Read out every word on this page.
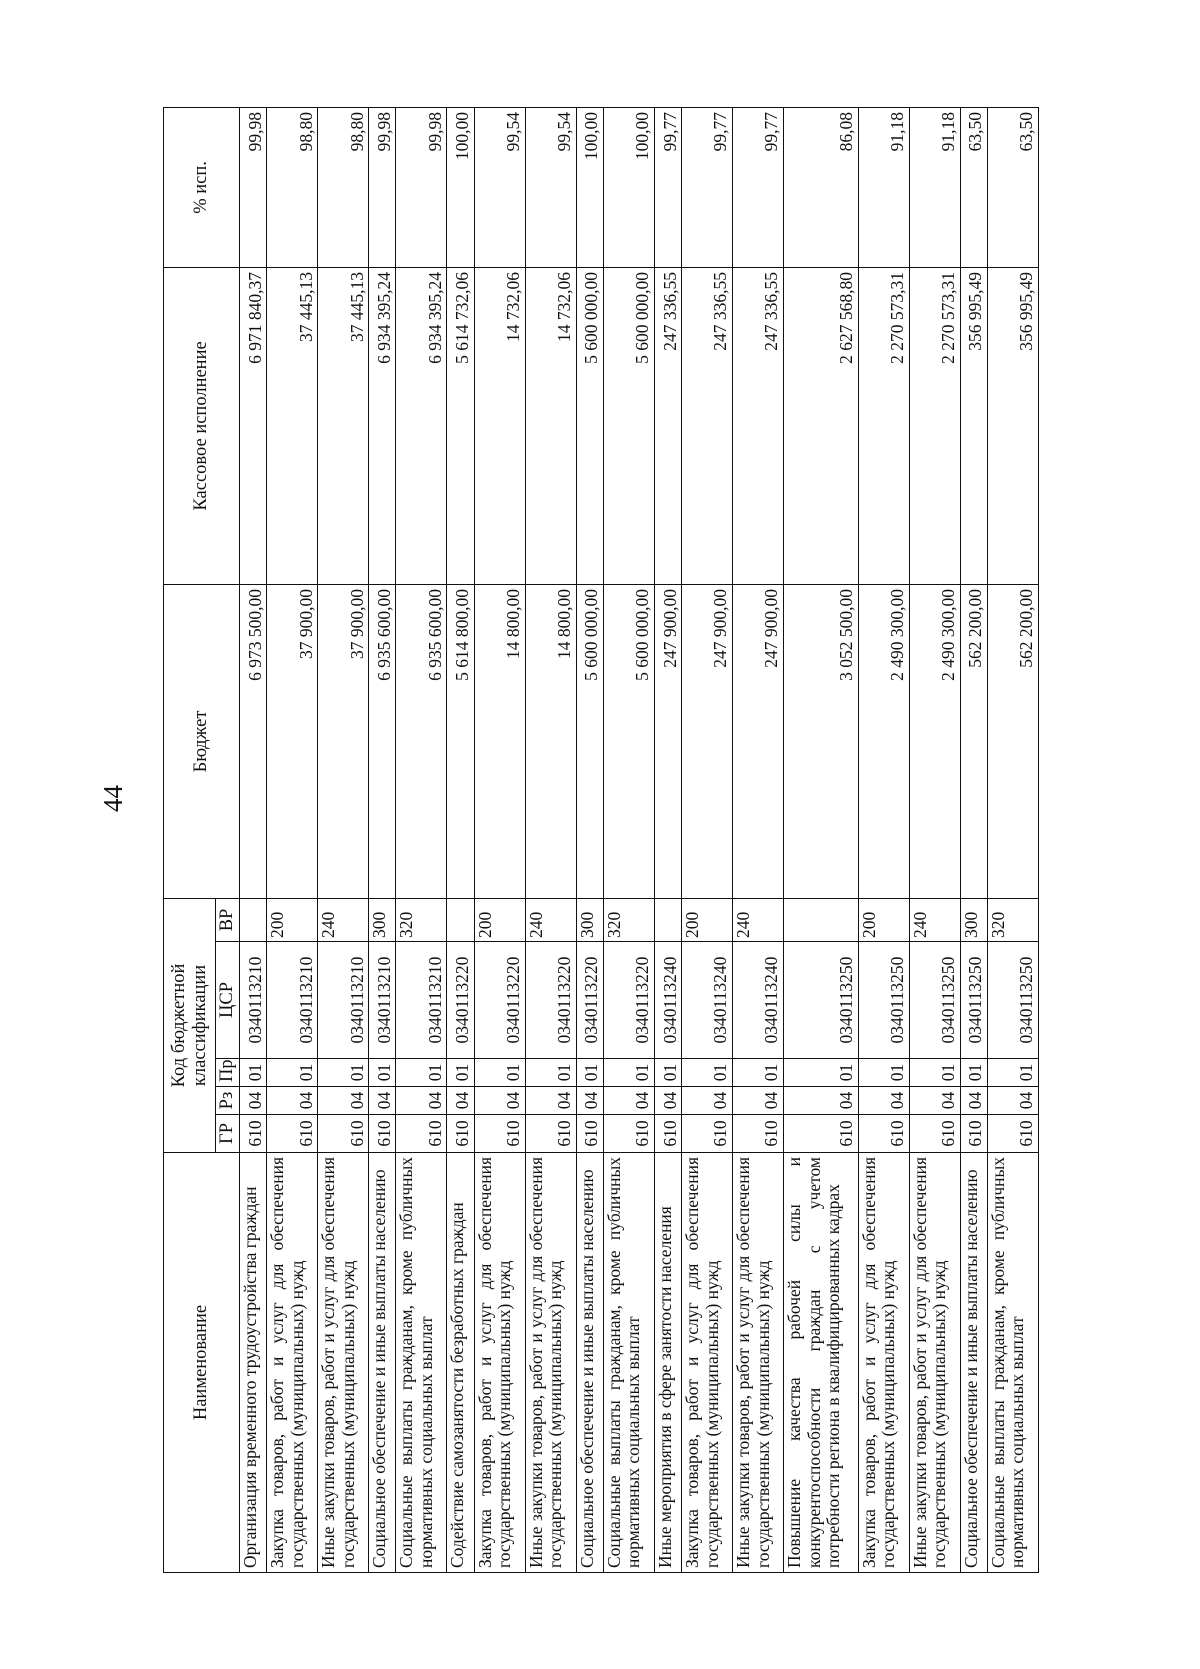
44
Наименование	Код бюджетной классификации					Бюджет	Кассовое исполнение	% исп.
	ГР	Рз	Пр	ЦСР	ВР			
Организация временного трудоустройства граждан	610	04	01	0340113210		6 973 500,00	6 971 840,37	99,98
Закупка товаров, работ и услуг для обеспечения государственных (муниципальных) нужд	610	04	01	0340113210	200	37 900,00	37 445,13	98,80
Иные закупки товаров, работ и услуг для обеспечения государственных (муниципальных) нужд	610	04	01	0340113210	240	37 900,00	37 445,13	98,80
Социальное обеспечение и иные выплаты населению	610	04	01	0340113210	300	6 935 600,00	6 934 395,24	99,98
Социальные выплаты гражданам, кроме публичных нормативных социальных выплат	610	04	01	0340113210	320	6 935 600,00	6 934 395,24	99,98
Содействие самозанятости безработных граждан	610	04	01	0340113220		5 614 800,00	5 614 732,06	100,00
Закупка товаров, работ и услуг для обеспечения государственных (муниципальных) нужд	610	04	01	0340113220	200	14 800,00	14 732,06	99,54
Иные закупки товаров, работ и услуг для обеспечения государственных (муниципальных) нужд	610	04	01	0340113220	240	14 800,00	14 732,06	99,54
Социальное обеспечение и иные выплаты населению	610	04	01	0340113220	300	5 600 000,00	5 600 000,00	100,00
Социальные выплаты гражданам, кроме публичных нормативных социальных выплат	610	04	01	0340113220	320	5 600 000,00	5 600 000,00	100,00
Иные мероприятия в сфере занятости населения	610	04	01	0340113240		247 900,00	247 336,55	99,77
Закупка товаров, работ и услуг для обеспечения государственных (муниципальных) нужд	610	04	01	0340113240	200	247 900,00	247 336,55	99,77
Иные закупки товаров, работ и услуг для обеспечения государственных (муниципальных) нужд	610	04	01	0340113240	240	247 900,00	247 336,55	99,77
Повышение качества рабочей силы и конкурентоспособности граждан с учетом потребности региона в квалифицированных кадрах	610	04	01	0340113250		3 052 500,00	2 627 568,80	86,08
Закупка товаров, работ и услуг для обеспечения государственных (муниципальных) нужд	610	04	01	0340113250	200	2 490 300,00	2 270 573,31	91,18
Иные закупки товаров, работ и услуг для обеспечения государственных (муниципальных) нужд	610	04	01	0340113250	240	2 490 300,00	2 270 573,31	91,18
Социальное обеспечение и иные выплаты населению	610	04	01	0340113250	300	562 200,00	356 995,49	63,50
Социальные выплаты гражданам, кроме публичных нормативных социальных выплат	610	04	01	0340113250	320	562 200,00	356 995,49	63,50
